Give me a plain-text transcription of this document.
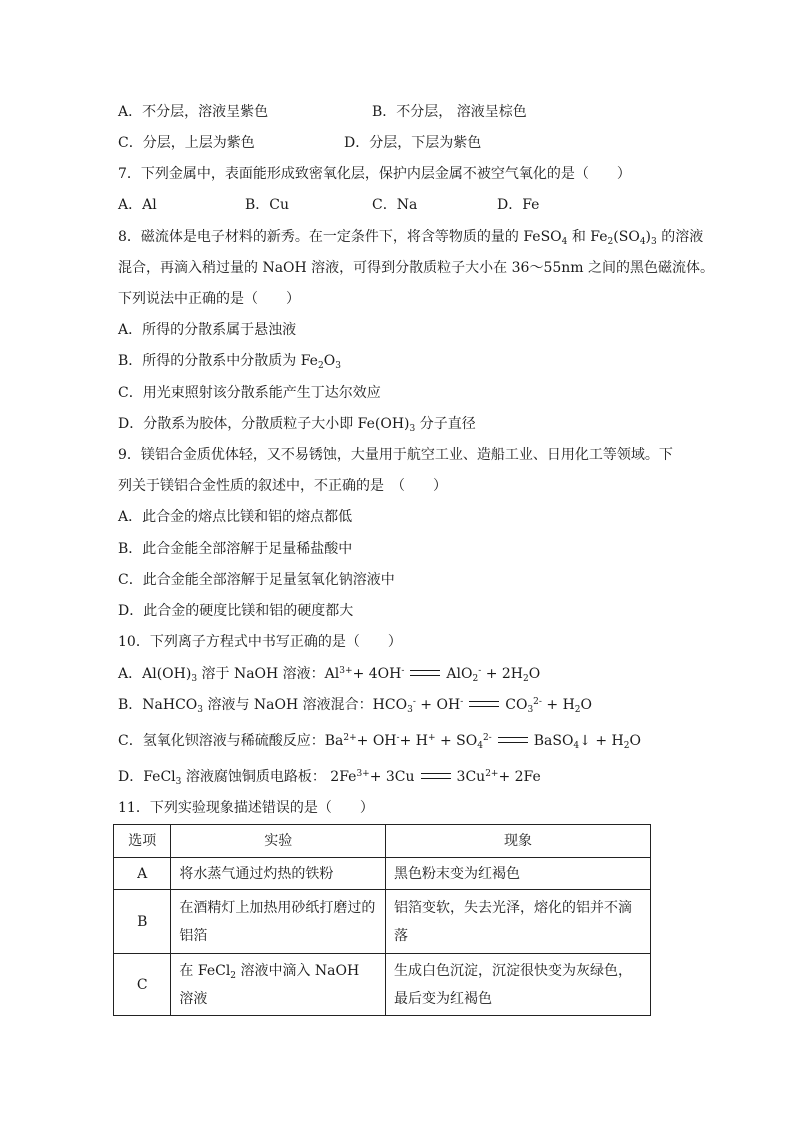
A．不分层，溶液呈紫色	B．不分层， 溶液呈棕色
C．分层，上层为紫色	D．分层，下层为紫色
7．下列金属中，表面能形成致密氧化层，保护内层金属不被空气氧化的是（　　）
A．Al	B．Cu	C．Na	D．Fe
8．磁流体是电子材料的新秀。在一定条件下，将含等物质的量的 FeSO$_4$ 和 $Fe_2(SO_4)_3$ 的溶液
混合，再滴入稍过量的 NaOH 溶液，可得到分散质粒子大小在 36～55nm 之间的黑色磁流体。
下列说法中正确的是（　　）
A．所得的分散系属于悬浊液
B．所得的分散系中分散质为 $Fe_2O_3$
C．用光束照射该分散系能产生丁达尔效应
D．分散系为胶体，分散质粒子大小即 $Fe(OH)_3$ 分子直径
9．镁铝合金质优体轻，又不易锈蚀，大量用于航空工业、造船工业、日用化工等领域。下
列关于镁铝合金性质的叙述中，不正确的是　（　　）
A．此合金的熔点比镁和铝的熔点都低
B．此合金能全部溶解于足量稀盐酸中
C．此合金能全部溶解于足量氢氧化钠溶液中
D．此合金的硬度比镁和铝的硬度都大
10．下列离子方程式中书写正确的是（　　）
A．$Al(OH)_3$ 溶于 NaOH 溶液：$Al^{3+}+ 4OH^-$	$AlO_2^- + 2H_2O$
B．NaHCO$_3$ 溶液与 NaOH 溶液混合：$HCO_3^- + OH^-$	$CO_3^{2-} + H_2O$
C．氢氧化钡溶液与稀硫酸反应：$Ba^{2+}+ OH^-+ H^+ + SO_4^{2-}$	BaSO$_4$↓ + $H_2O$
D．FeCl$_3$ 溶液腐蚀铜质电路板： $2Fe^{3+}+ 3Cu$	$3Cu^{2+}+ 2Fe$
11．下列实验现象描述错误的是（　　）
选项	实验	现象
A	将水蒸气通过灼热的铁粉	黑色粉末变为红褐色
B	在酒精灯上加热用砂纸打磨过的铝箔	铝箔变软，失去光泽，熔化的铝并不滴落
C	在 FeCl$_2$ 溶液中滴入 NaOH 溶液	生成白色沉淀，沉淀很快变为灰绿色，最后变为红褐色
